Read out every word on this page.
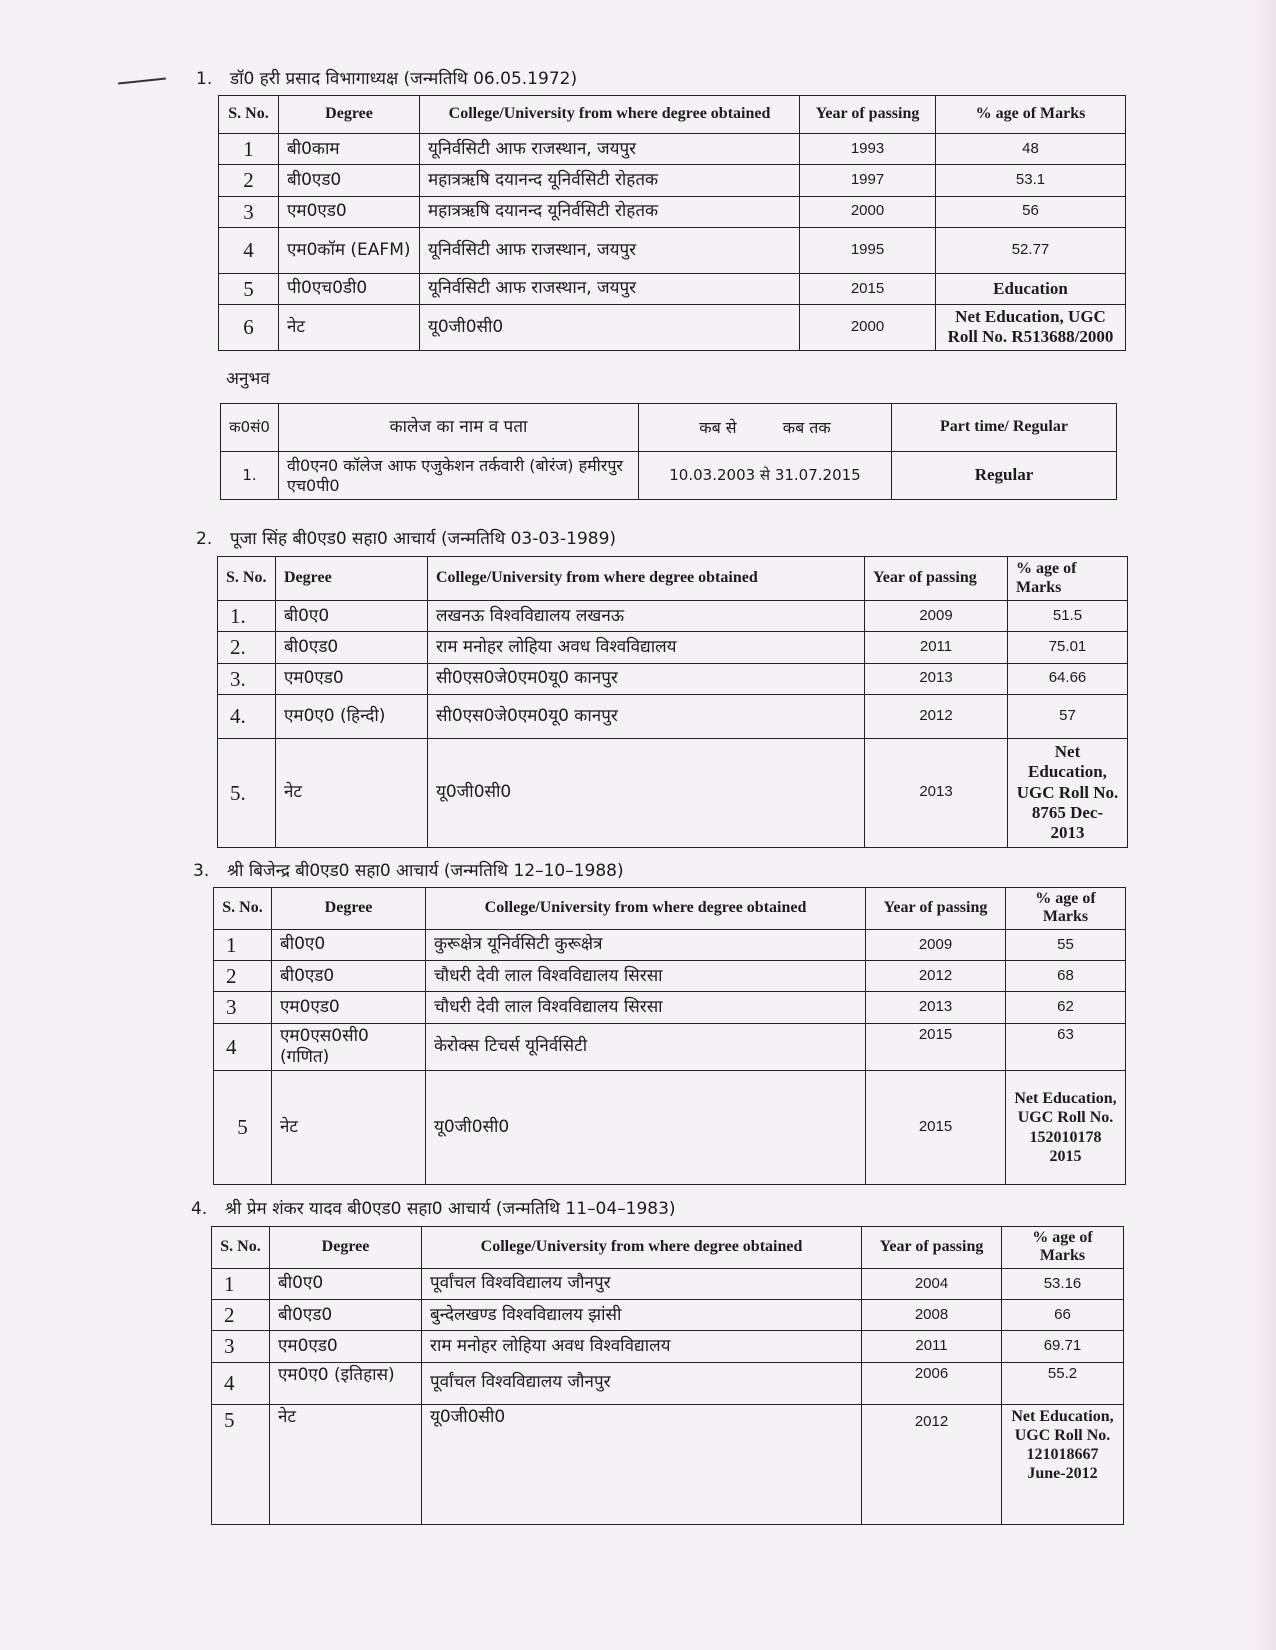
1. डॉ0 हरी प्रसाद विभागाध्यक्ष (जन्मतिथि 06.05.1972)
S. No.	Degree	College/University from where degree obtained	Year of passing	% age of Marks
1	बी0काम	यूनिर्वसिटी आफ राजस्थान, जयपुर	1993	48
2	बी0एड0	महात्रऋषि दयानन्द यूनिर्वसिटी रोहतक	1997	53.1
3	एम0एड0	महात्रऋषि दयानन्द यूनिर्वसिटी रोहतक	2000	56
4	एम0कॉम (EAFM)	यूनिर्वसिटी आफ राजस्थान, जयपुर	1995	52.77
5	पी0एच0डी0	यूनिर्वसिटी आफ राजस्थान, जयपुर	2015	Education
6	नेट	यू0जी0सी0	2000	Net Education, UGC Roll No. R513688/2000
अनुभव
क0सं0	कालेज का नाम व पता	कब से कब तक	Part time/ Regular
1.	वी0एन0 कॉलेज आफ एजुकेशन तर्कवारी (बोरंज) हमीरपुर एच0पी0	10.03.2003 से 31.07.2015	Regular
2. पूजा सिंह बी0एड0 सहा0 आचार्य (जन्मतिथि 03-03-1989)
S. No.	Degree	College/University from where degree obtained	Year of passing	% age of Marks
1.	बी0ए0	लखनऊ विश्वविद्यालय लखनऊ	2009	51.5
2.	बी0एड0	राम मनोहर लोहिया अवध विश्वविद्यालय	2011	75.01
3.	एम0एड0	सी0एस0जे0एम0यू0 कानपुर	2013	64.66
4.	एम0ए0 (हिन्दी)	सी0एस0जे0एम0यू0 कानपुर	2012	57
5.	नेट	यू0जी0सी0	2013	Net Education, UGC Roll No. 8765 Dec-2013
3. श्री बिजेन्द्र बी0एड0 सहा0 आचार्य (जन्मतिथि 12–10–1988)
S. No.	Degree	College/University from where degree obtained	Year of passing	% age of Marks
1	बी0ए0	कुरूक्षेत्र यूनिर्वसिटी कुरूक्षेत्र	2009	55
2	बी0एड0	चौधरी देवी लाल विश्वविद्यालय सिरसा	2012	68
3	एम0एड0	चौधरी देवी लाल विश्वविद्यालय सिरसा	2013	62
4	एम0एस0सी0 (गणित)	केरोक्स टिचर्स यूनिर्वसिटी	2015	63
5	नेट	यू0जी0सी0	2015	Net Education, UGC Roll No. 152010178 2015
4. श्री प्रेम शंकर यादव बी0एड0 सहा0 आचार्य (जन्मतिथि 11–04–1983)
S. No.	Degree	College/University from where degree obtained	Year of passing	% age of Marks
1	बी0ए0	पूर्वांचल विश्वविद्यालय जौनपुर	2004	53.16
2	बी0एड0	बुन्देलखण्ड विश्वविद्यालय झांसी	2008	66
3	एम0एड0	राम मनोहर लोहिया अवध विश्वविद्यालय	2011	69.71
4	एम0ए0 (इतिहास)	पूर्वांचल विश्वविद्यालय जौनपुर	2006	55.2
5	नेट	यू0जी0सी0	2012	Net Education, UGC Roll No. 121018667 June-2012
